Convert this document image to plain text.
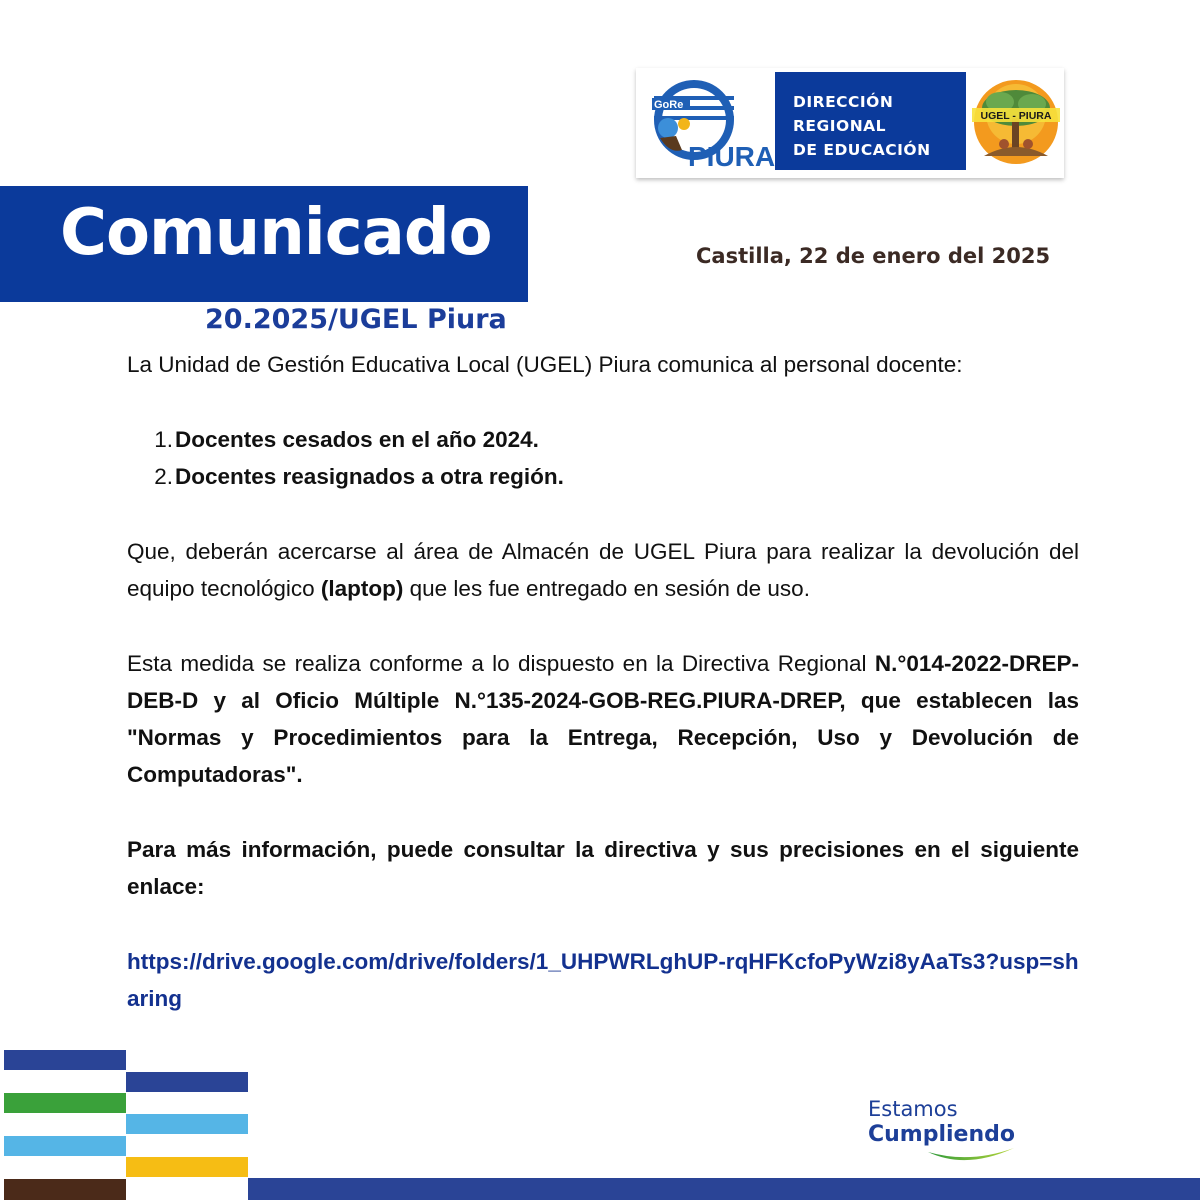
GoRe
PIURA
DIRECCIÓN
REGIONAL
DE EDUCACIÓN
UGEL - PIURA
Comunicado	Castilla, 22 de enero del 2025
20.2025/UGEL Piura

La Unidad de Gestión Educativa Local (UGEL) Piura comunica al personal docente:

1. Docentes cesados en el año 2024.
2. Docentes reasignados a otra región.

Que, deberán acercarse al área de Almacén de UGEL Piura para realizar la devolución del equipo tecnológico (laptop) que les fue entregado en sesión de uso.

Esta medida se realiza conforme a lo dispuesto en la Directiva Regional N.°014-2022-DREP-DEB-D y al Oficio Múltiple N.°135-2024-GOB-REG.PIURA-DREP, que establecen las "Normas y Procedimientos para la Entrega, Recepción, Uso y Devolución de Computadoras".

Para más información, puede consultar la directiva y sus precisiones en el siguiente enlace:

https://drive.google.com/drive/folders/1_UHPWRLghUP-rqHFKcfoPyWzi8yAaTs3?usp=sharing

Estamos
Cumpliendo
